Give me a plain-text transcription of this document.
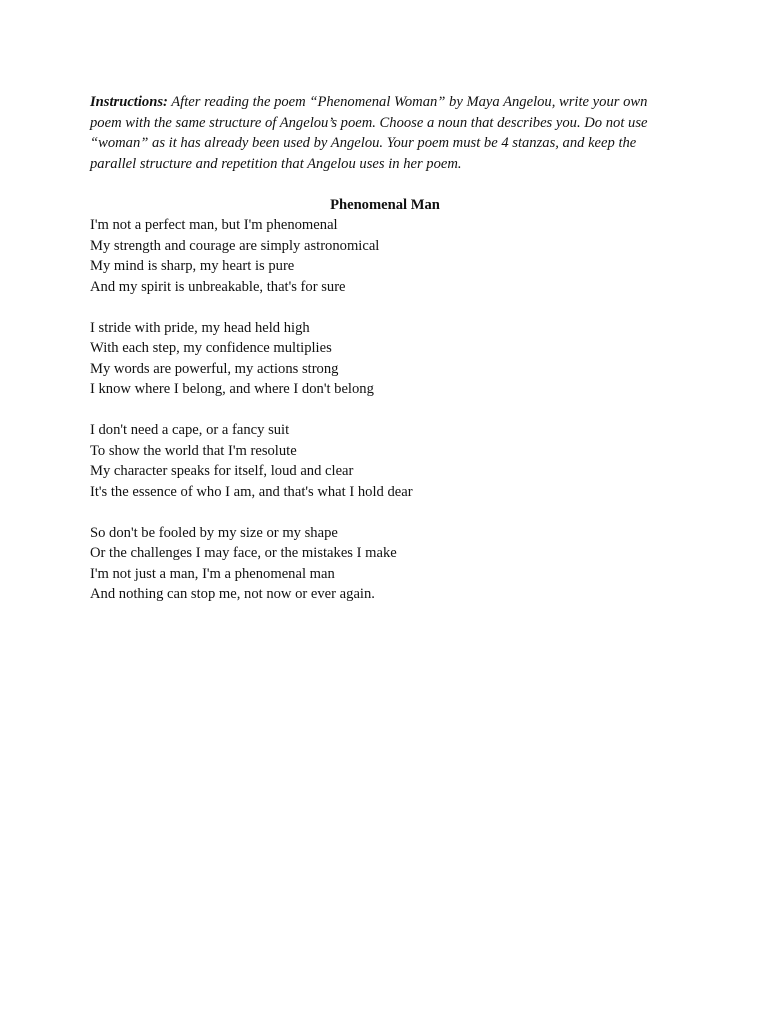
Instructions: After reading the poem “Phenomenal Woman” by Maya Angelou, write your own poem with the same structure of Angelou’s poem. Choose a noun that describes you. Do not use “woman” as it has already been used by Angelou. Your poem must be 4 stanzas, and keep the parallel structure and repetition that Angelou uses in her poem.

Phenomenal Man

I'm not a perfect man, but I'm phenomenal
My strength and courage are simply astronomical
My mind is sharp, my heart is pure
And my spirit is unbreakable, that's for sure
I stride with pride, my head held high
With each step, my confidence multiplies
My words are powerful, my actions strong
I know where I belong, and where I don't belong
I don't need a cape, or a fancy suit
To show the world that I'm resolute
My character speaks for itself, loud and clear
It's the essence of who I am, and that's what I hold dear
So don't be fooled by my size or my shape
Or the challenges I may face, or the mistakes I make
I'm not just a man, I'm a phenomenal man
And nothing can stop me, not now or ever again.
